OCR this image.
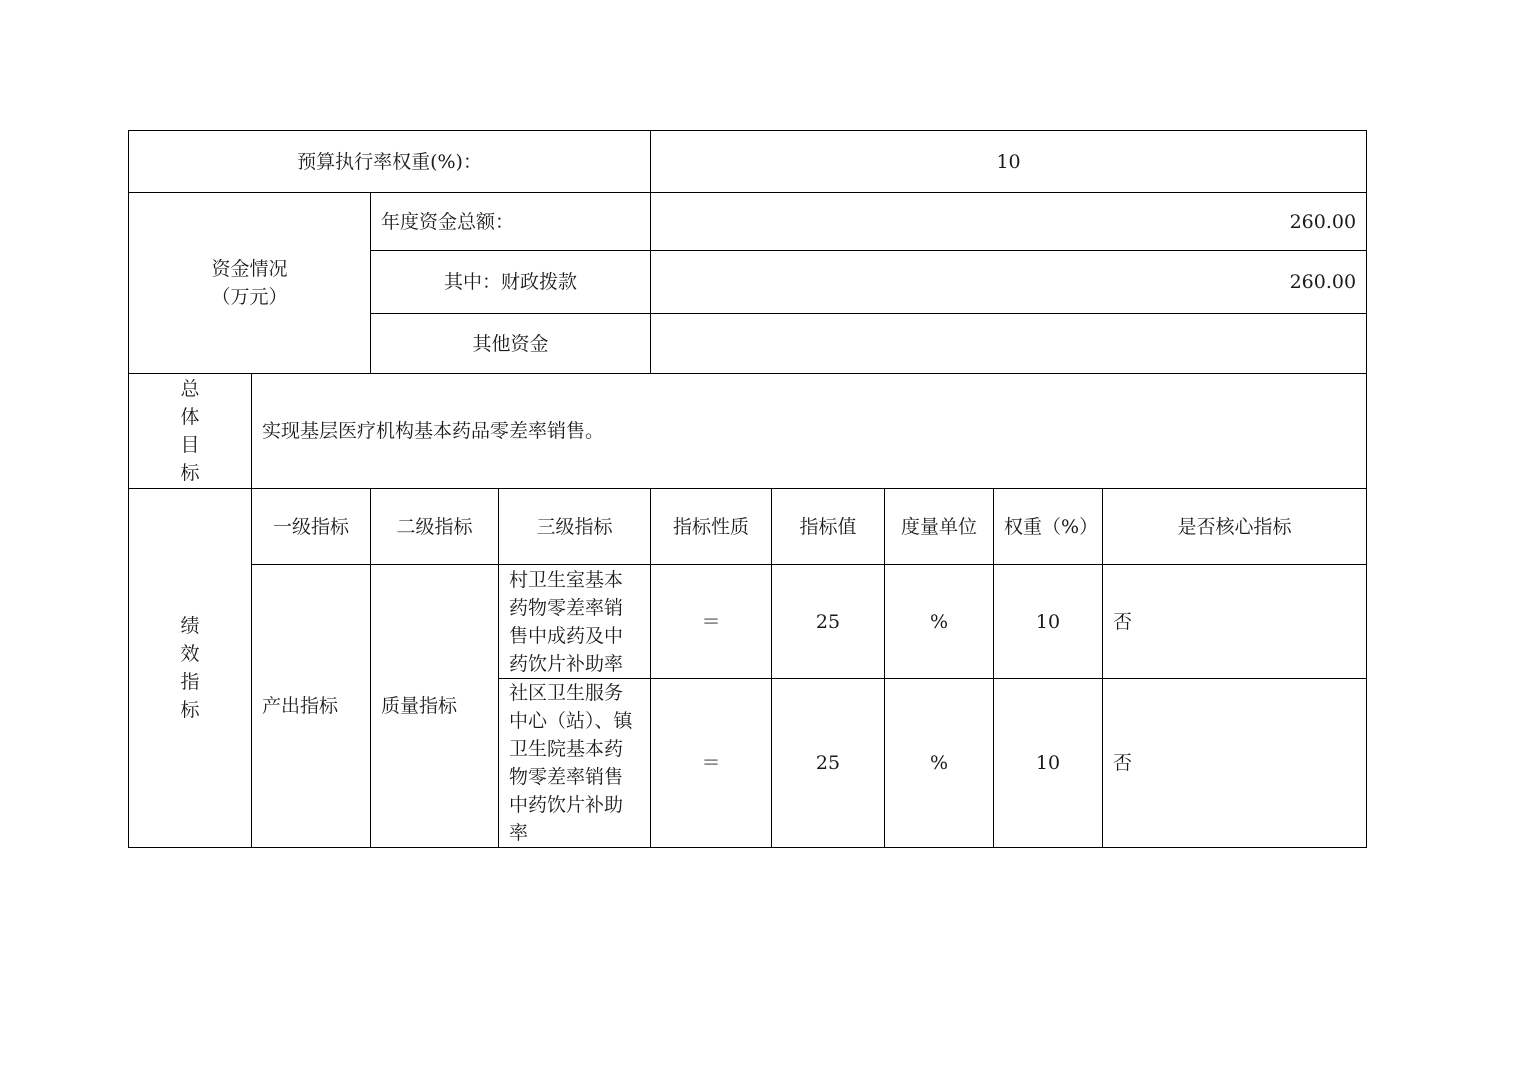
预算执行率权重(%)：				10				

资金情况
（万元）		年度资金总额：		260.00				
		其中：财政拨款		260.00				
		其他资金						

总
体
目
标	实现基层医疗机构基本药品零差率销售。							

绩
效
指
标	一级指标	二级指标	三级指标	指标性质	指标值	度量单位	权重（%）	是否核心指标
	产出指标	质量指标	村卫生室基本药物零差率销售中成药及中药饮片补助率	＝	25	%	10	否
			社区卫生服务中心（站）、镇卫生院基本药物零差率销售中药饮片补助率	＝	25	%	10	否
